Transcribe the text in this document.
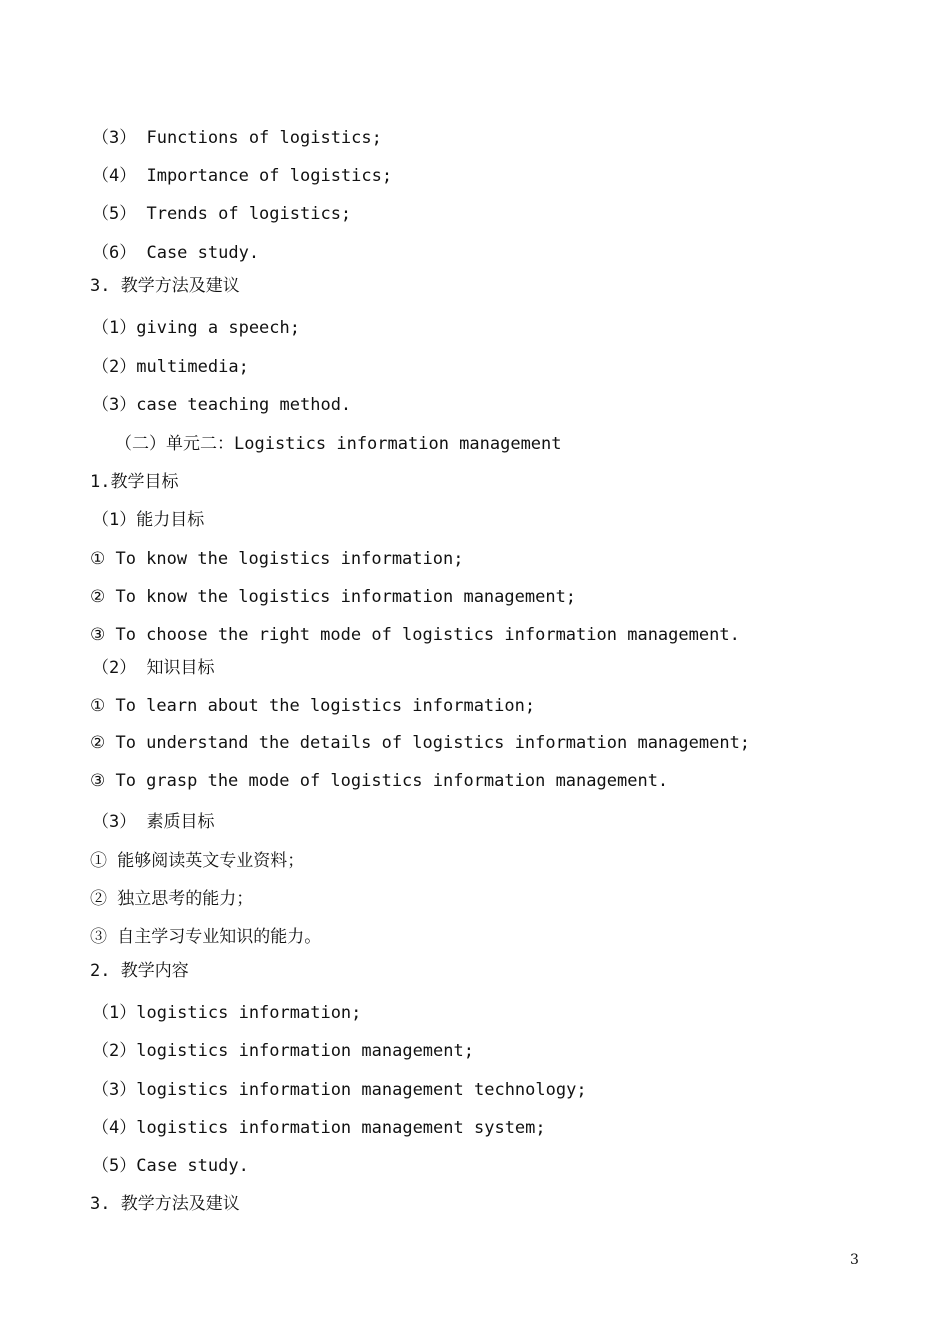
（3） Functions of logistics;
（4） Importance of logistics;
（5） Trends of logistics;
（6） Case study.
3. 教学方法及建议
（1）giving a speech;
（2）multimedia;
（3）case teaching method.
（二）单元二：Logistics information management
1.教学目标
（1）能力目标
① To know the logistics information;
② To know the logistics information management;
③ To choose the right mode of logistics information management.
（2） 知识目标
① To learn about the logistics information;
② To understand the details of logistics information management;
③ To grasp the mode of logistics information management.
（3） 素质目标
① 能够阅读英文专业资料；
② 独立思考的能力；
③ 自主学习专业知识的能力。
2. 教学内容
（1）logistics information;
（2）logistics information management;
（3）logistics information management technology;
（4）logistics information management system;
（5）Case study.
3. 教学方法及建议
3
